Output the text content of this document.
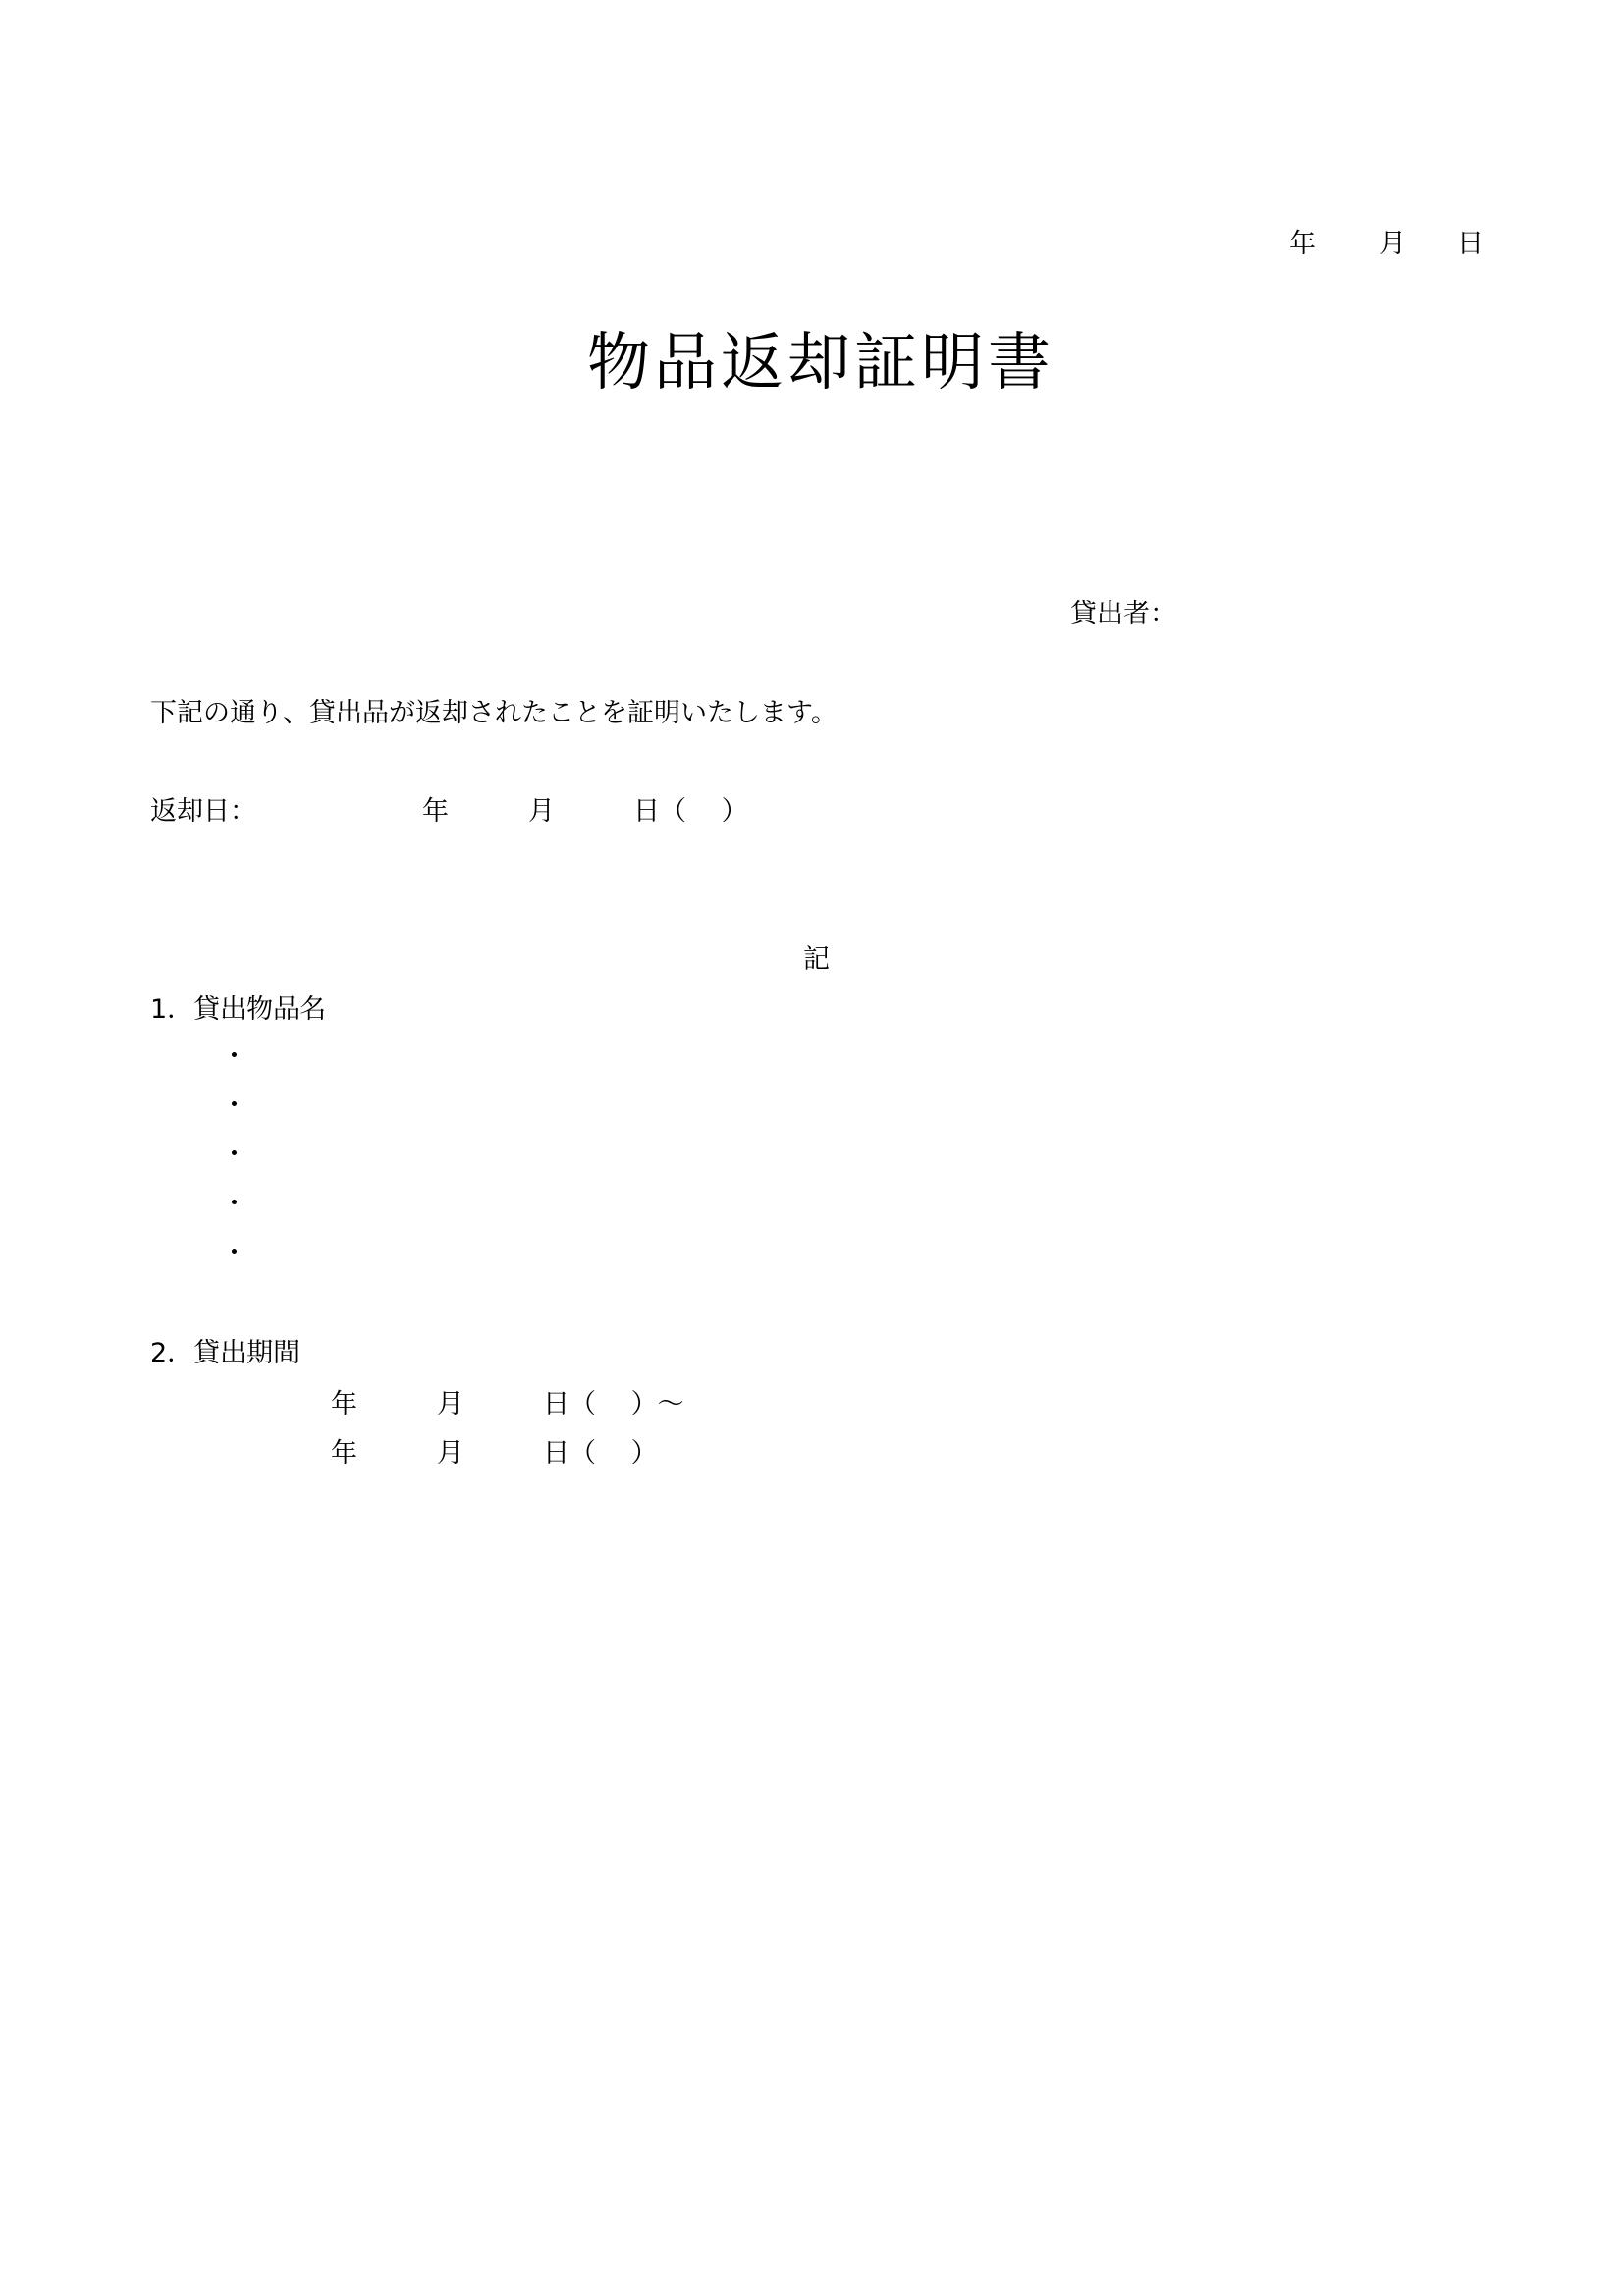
年 月 日
物品返却証明書
貸出者：
下記の通り、貸出品が返却されたことを証明いたします。
返却日：	年	月	日（　 ）
記
1．貸出物品名
・
・
・
・
・
2．貸出期間
年	月	日（　 ）～
年	月	日（　 ）
